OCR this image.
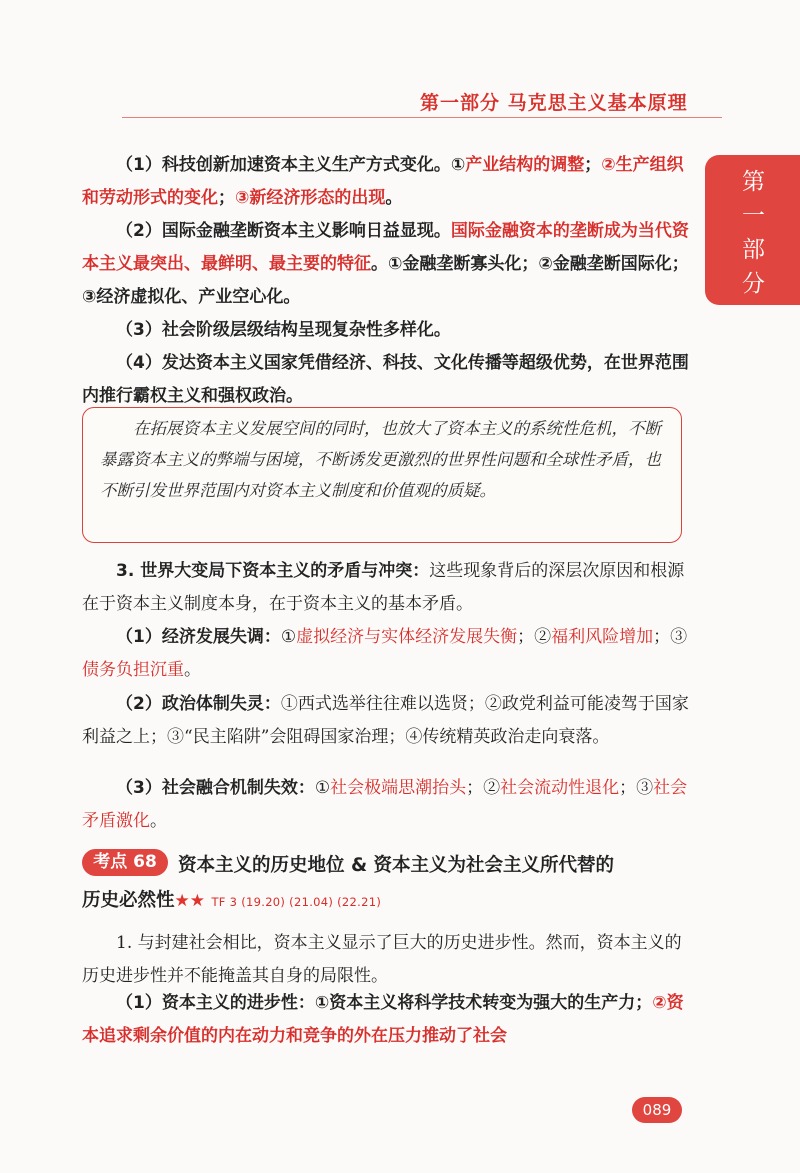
第一部分 马克思主义基本原理
第
一
部
分

（1）科技创新加速资本主义生产方式变化。①产业结构的调整；②生产组织和劳动形式的变化；③新经济形态的出现。

（2）国际金融垄断资本主义影响日益显现。国际金融资本的垄断成为当代资本主义最突出、最鲜明、最主要的特征。①金融垄断寡头化；②金融垄断国际化；③经济虚拟化、产业空心化。

（3）社会阶级层级结构呈现复杂性多样化。

（4）发达资本主义国家凭借经济、科技、文化传播等超级优势，在世界范围内推行霸权主义和强权政治。

在拓展资本主义发展空间的同时，也放大了资本主义的系统性危机，不断暴露资本主义的弊端与困境，不断诱发更激烈的世界性问题和全球性矛盾，也不断引发世界范围内对资本主义制度和价值观的质疑。

3. 世界大变局下资本主义的矛盾与冲突：这些现象背后的深层次原因和根源在于资本主义制度本身，在于资本主义的基本矛盾。

（1）经济发展失调：①虚拟经济与实体经济发展失衡；②福利风险增加；③债务负担沉重。

（2）政治体制失灵：①西式选举往往难以选贤；②政党利益可能凌驾于国家利益之上；③“民主陷阱”会阻碍国家治理；④传统精英政治走向衰落。

（3）社会融合机制失效：①社会极端思潮抬头；②社会流动性退化；③社会矛盾激化。

考点 68	资本主义的历史地位 & 资本主义为社会主义所代替的

历史必然性★★ TF 3 (19.20) (21.04) (22.21)

1. 与封建社会相比，资本主义显示了巨大的历史进步性。然而，资本主义的历史进步性并不能掩盖其自身的局限性。

（1）资本主义的进步性：①资本主义将科学技术转变为强大的生产力；②资本追求剩余价值的内在动力和竞争的外在压力推动了社会

089
